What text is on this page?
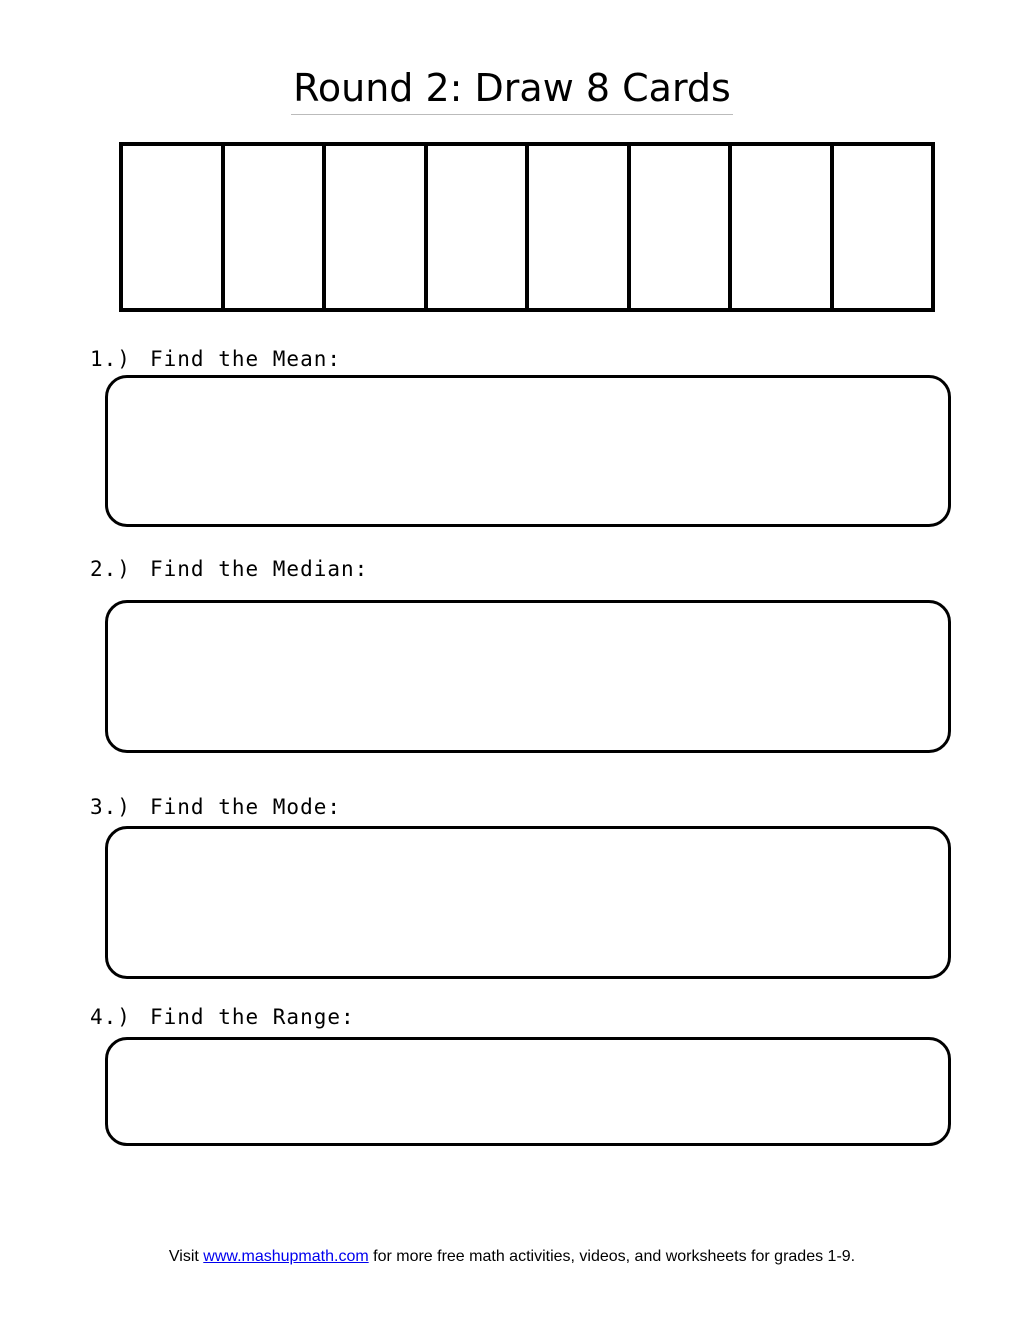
Round 2: Draw 8 Cards
1.) Find the Mean:
2.) Find the Median:
3.) Find the Mode:
4.) Find the Range:
Visit www.mashupmath.com for more free math activities, videos, and worksheets for grades 1-9.
